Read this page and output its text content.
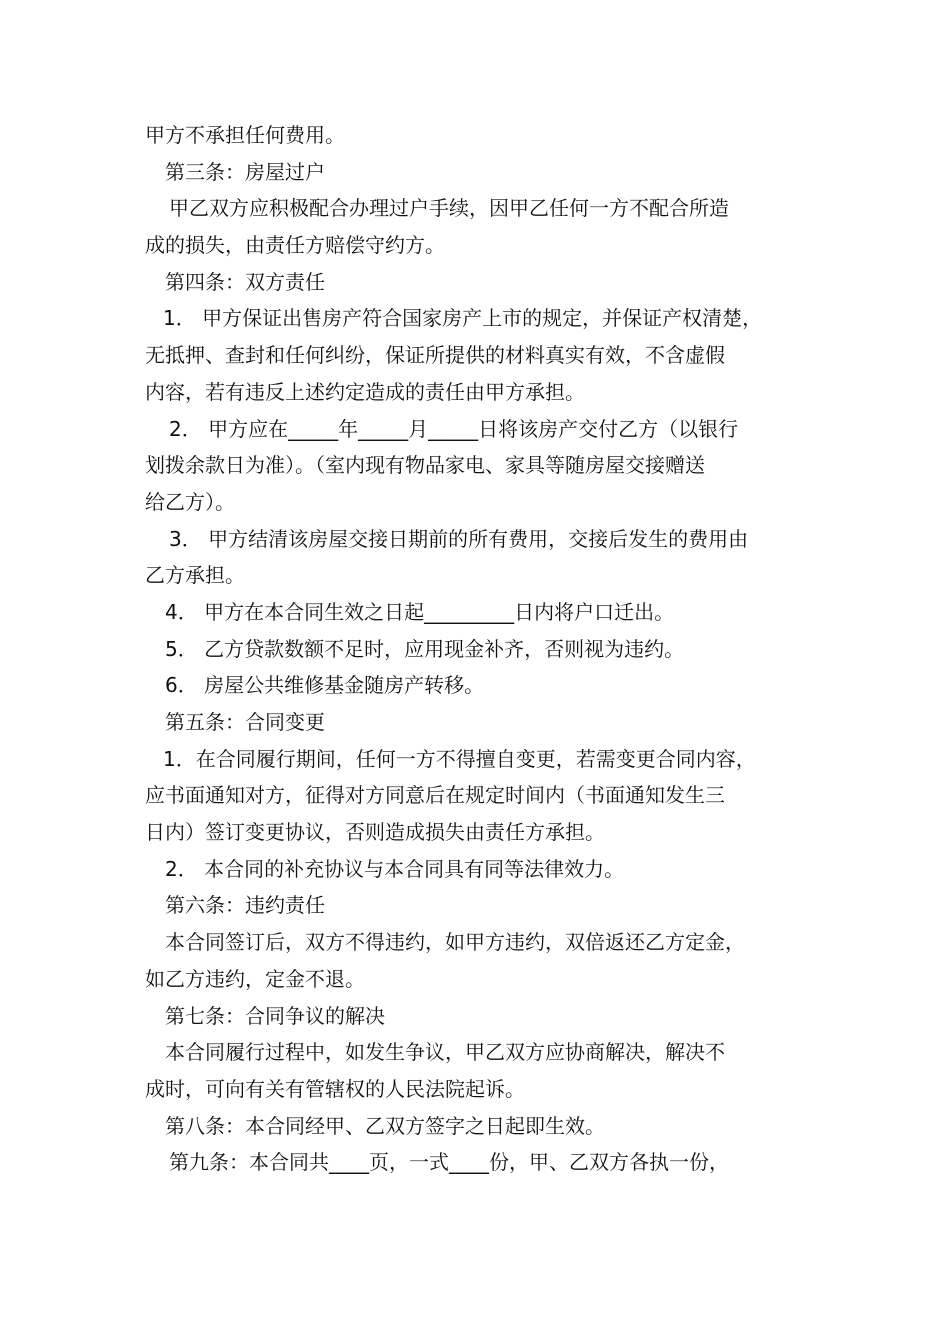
甲方不承担任何费用。
第三条：房屋过户
甲乙双方应积极配合办理过户手续，因甲乙任何一方不配合所造
成的损失，由责任方赔偿守约方。
第四条：双方责任
1． 甲方保证出售房产符合国家房产上市的规定，并保证产权清楚，
无抵押、查封和任何纠纷，保证所提供的材料真实有效，不含虚假
内容，若有违反上述约定造成的责任由甲方承担。
2． 甲方应在_____年_____月_____日将该房产交付乙方（以银行
划拨余款日为准）。（室内现有物品家电、家具等随房屋交接赠送
给乙方）。
3． 甲方结清该房屋交接日期前的所有费用，交接后发生的费用由
乙方承担。
4． 甲方在本合同生效之日起_________日内将户口迁出。
5． 乙方贷款数额不足时，应用现金补齐，否则视为违约。
6． 房屋公共维修基金随房产转移。
第五条：合同变更
1．在合同履行期间，任何一方不得擅自变更，若需变更合同内容，
应书面通知对方，征得对方同意后在规定时间内（书面通知发生三
日内）签订变更协议，否则造成损失由责任方承担。
2． 本合同的补充协议与本合同具有同等法律效力。
第六条：违约责任
本合同签订后，双方不得违约，如甲方违约，双倍返还乙方定金，
如乙方违约，定金不退。
第七条：合同争议的解决
本合同履行过程中，如发生争议，甲乙双方应协商解决，解决不
成时，可向有关有管辖权的人民法院起诉。
第八条：本合同经甲、乙双方签字之日起即生效。
第九条：本合同共____页，一式____份，甲、乙双方各执一份，
